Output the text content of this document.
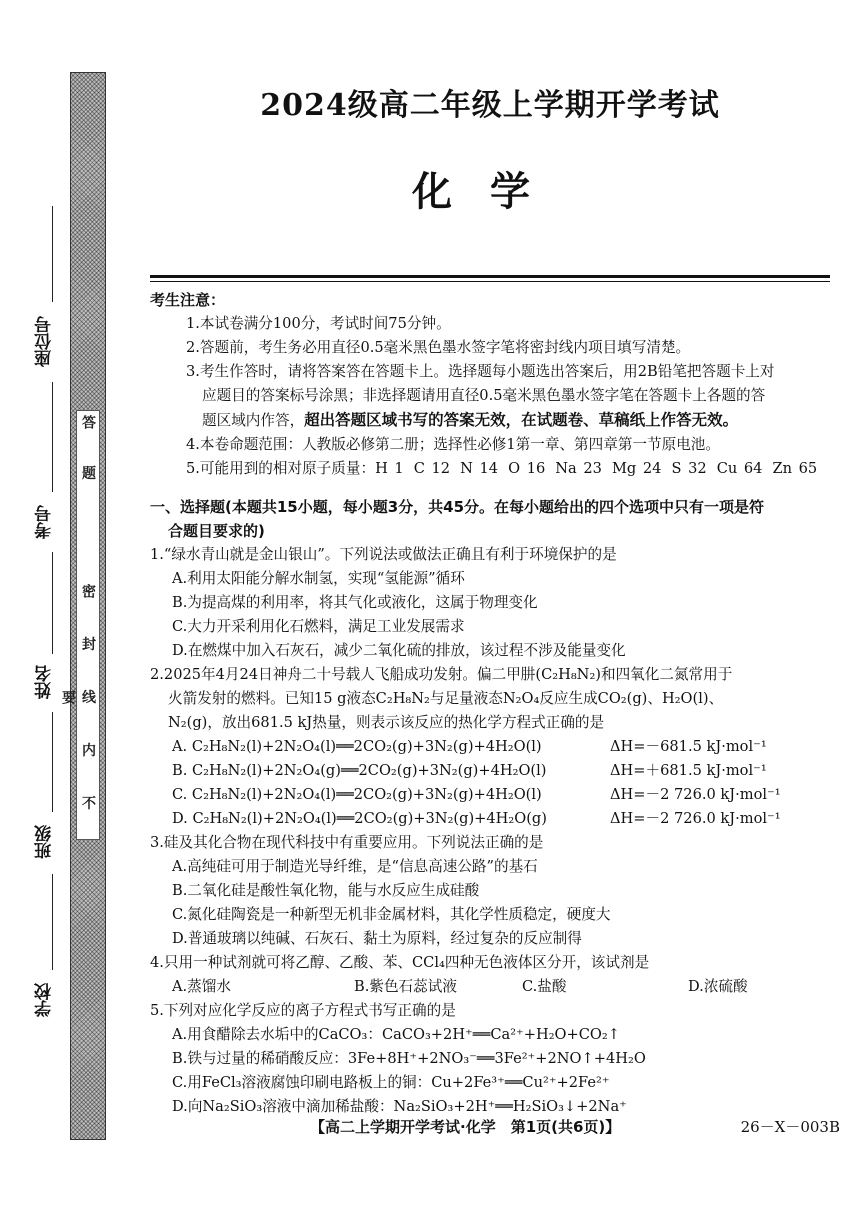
答 题
密 封 线 内 不 要
座位号
考号
姓名
班级
学校
2024级高二年级上学期开学考试
化学
考生注意：
1.本试卷满分100分，考试时间75分钟。
2.答题前，考生务必用直径0.5毫米黑色墨水签字笔将密封线内项目填写清楚。
3.考生作答时，请将答案答在答题卡上。选择题每小题选出答案后，用2B铅笔把答题卡上对
应题目的答案标号涂黑；非选择题请用直径0.5毫米黑色墨水签字笔在答题卡上各题的答
题区域内作答，超出答题区域书写的答案无效，在试题卷、草稿纸上作答无效。
4.本卷命题范围：人教版必修第二册；选择性必修1第一章、第四章第一节原电池。
5.可能用到的相对原子质量：H 1 C 12 N 14 O 16 Na 23 Mg 24 S 32 Cu 64 Zn 65
一、选择题(本题共15小题，每小题3分，共45分。在每小题给出的四个选项中只有一项是符
合题目要求的)
1.“绿水青山就是金山银山”。下列说法或做法正确且有利于环境保护的是
A.利用太阳能分解水制氢，实现“氢能源”循环
B.为提高煤的利用率，将其气化或液化，这属于物理变化
C.大力开采利用化石燃料，满足工业发展需求
D.在燃煤中加入石灰石，减少二氧化硫的排放，该过程不涉及能量变化
2.2025年4月24日神舟二十号载人飞船成功发射。偏二甲肼(C₂H₈N₂)和四氧化二氮常用于
火箭发射的燃料。已知15 g液态C₂H₈N₂与足量液态N₂O₄反应生成CO₂(g)、H₂O(l)、
N₂(g)，放出681.5 kJ热量，则表示该反应的热化学方程式正确的是
A. C₂H₈N₂(l)+2N₂O₄(l)══2CO₂(g)+3N₂(g)+4H₂O(l)	ΔH=－681.5 kJ·mol⁻¹
B. C₂H₈N₂(l)+2N₂O₄(g)══2CO₂(g)+3N₂(g)+4H₂O(l)	ΔH=＋681.5 kJ·mol⁻¹
C. C₂H₈N₂(l)+2N₂O₄(l)══2CO₂(g)+3N₂(g)+4H₂O(l)	ΔH=－2 726.0 kJ·mol⁻¹
D. C₂H₈N₂(l)+2N₂O₄(l)══2CO₂(g)+3N₂(g)+4H₂O(g)	ΔH=－2 726.0 kJ·mol⁻¹
3.硅及其化合物在现代科技中有重要应用。下列说法正确的是
A.高纯硅可用于制造光导纤维，是“信息高速公路”的基石
B.二氧化硅是酸性氧化物，能与水反应生成硅酸
C.氮化硅陶瓷是一种新型无机非金属材料，其化学性质稳定，硬度大
D.普通玻璃以纯碱、石灰石、黏土为原料，经过复杂的反应制得
4.只用一种试剂就可将乙醇、乙酸、苯、CCl₄四种无色液体区分开，该试剂是
A.蒸馏水	B.紫色石蕊试液	C.盐酸	D.浓硫酸
5.下列对应化学反应的离子方程式书写正确的是
A.用食醋除去水垢中的CaCO₃：CaCO₃+2H⁺══Ca²⁺+H₂O+CO₂↑
B.铁与过量的稀硝酸反应：3Fe+8H⁺+2NO₃⁻══3Fe²⁺+2NO↑+4H₂O
C.用FeCl₃溶液腐蚀印刷电路板上的铜：Cu+2Fe³⁺══Cu²⁺+2Fe²⁺
D.向Na₂SiO₃溶液中滴加稀盐酸：Na₂SiO₃+2H⁺══H₂SiO₃↓+2Na⁺
【高二上学期开学考试·化学　第1页(共6页)】	26－X－003B
